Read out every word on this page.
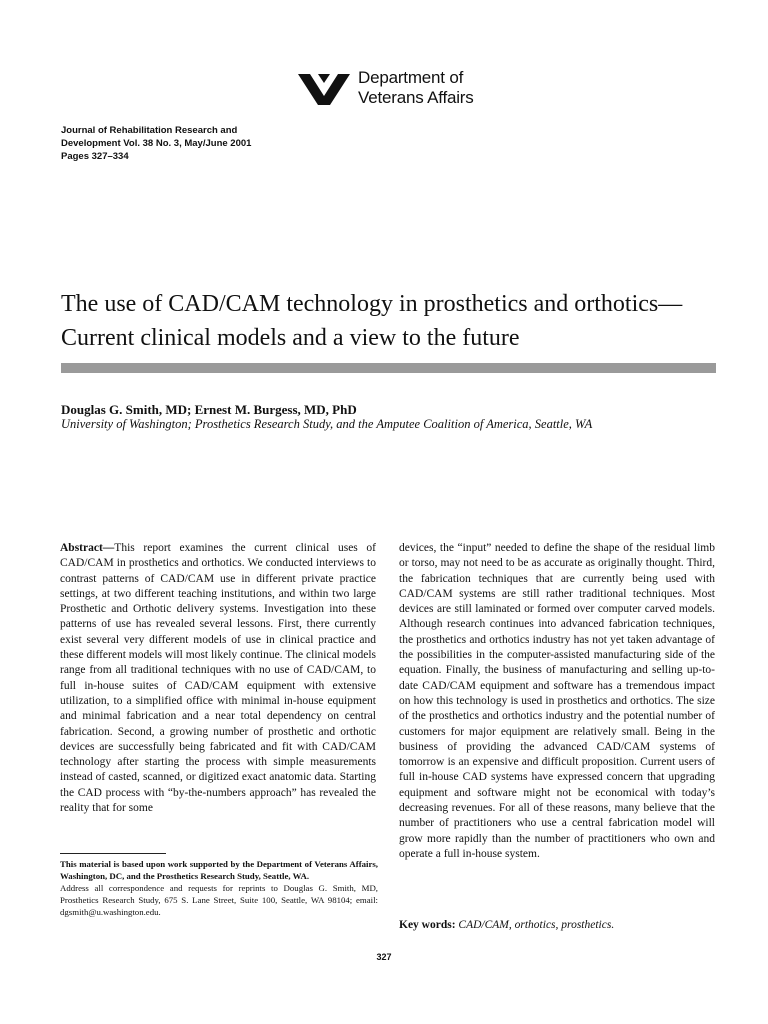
Department of
Veterans Affairs
Journal of Rehabilitation Research and
Development Vol. 38 No. 3, May/June 2001
Pages 327–334
The use of CAD/CAM technology in prosthetics and orthotics—
Current clinical models and a view to the future
Douglas G. Smith, MD; Ernest M. Burgess, MD, PhD
University of Washington; Prosthetics Research Study, and the Amputee Coalition of America, Seattle, WA

Abstract—This report examines the current clinical uses of CAD/CAM in prosthetics and orthotics. We conducted interviews to contrast patterns of CAD/CAM use in different private practice settings, at two different teaching institutions, and within two large Prosthetic and Orthotic delivery systems. Investigation into these patterns of use has revealed several lessons. First, there currently exist several very different models of use in clinical practice and these different models will most likely continue. The clinical models range from all traditional techniques with no use of CAD/CAM, to full in-house suites of CAD/CAM equipment with extensive utilization, to a simplified office with minimal in-house equipment and minimal fabrication and a near total dependency on central fabrication. Second, a growing number of prosthetic and orthotic devices are successfully being fabricated and fit with CAD/CAM technology after starting the process with simple measurements instead of casted, scanned, or digitized exact anatomic data. Starting the CAD process with “by-the-numbers approach” has revealed the reality that for some

devices, the “input” needed to define the shape of the residual limb or torso, may not need to be as accurate as originally thought. Third, the fabrication techniques that are currently being used with CAD/CAM systems are still rather traditional techniques. Most devices are still laminated or formed over computer carved models. Although research continues into advanced fabrication techniques, the prosthetics and orthotics industry has not yet taken advantage of the possibilities in the computer-assisted manufacturing side of the equation. Finally, the business of manufacturing and selling up-to-date CAD/CAM equipment and software has a tremendous impact on how this technology is used in prosthetics and orthotics. The size of the prosthetics and orthotics industry and the potential number of customers for major equipment are relatively small. Being in the business of providing the advanced CAD/CAM systems of tomorrow is an expensive and difficult proposition. Current users of full in-house CAD systems have expressed concern that upgrading equipment and software might not be economical with today’s decreasing revenues. For all of these reasons, many believe that the number of practitioners who use a central fabrication model will grow more rapidly than the number of practitioners who own and operate a full in-house system.

This material is based upon work supported by the Department of Veterans Affairs, Washington, DC, and the Prosthetics Research Study, Seattle, WA.

Address all correspondence and requests for reprints to Douglas G. Smith, MD, Prosthetics Research Study, 675 S. Lane Street, Suite 100, Seattle, WA 98104; email: dgsmith@u.washington.edu.

Key words: CAD/CAM, orthotics, prosthetics.
327
